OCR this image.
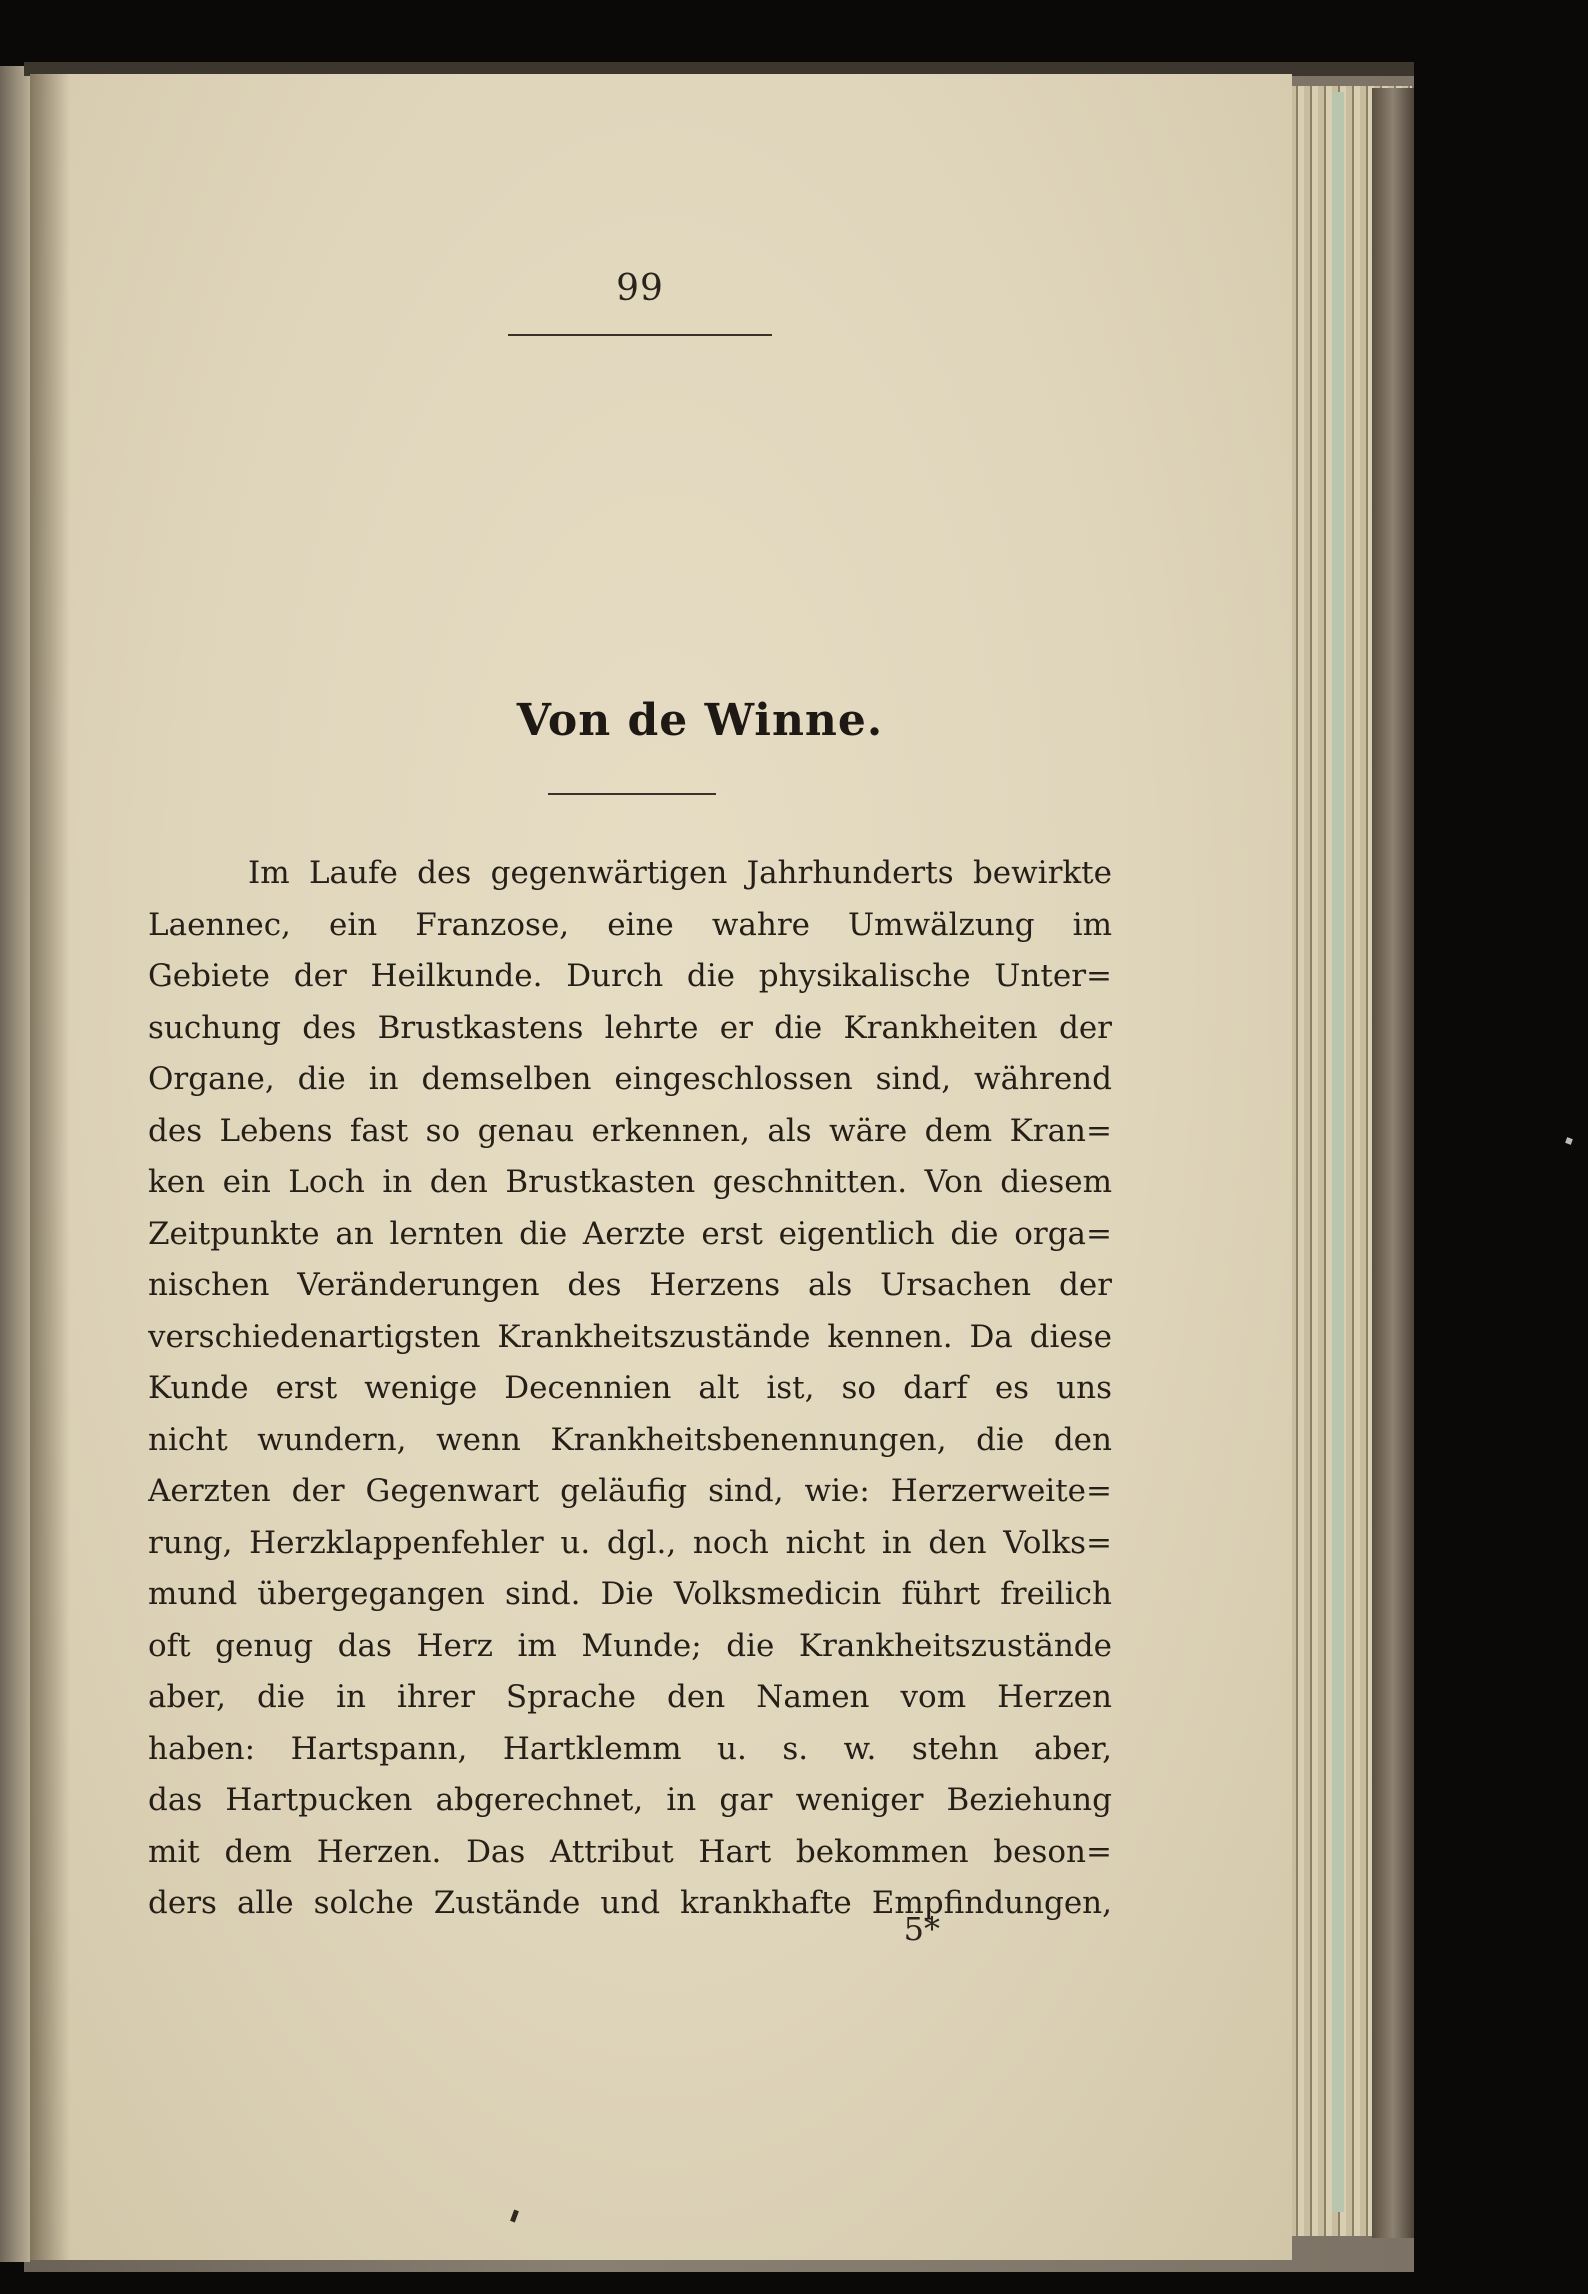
99
Von de Winne.
Im Laufe des gegenwärtigen Jahrhunderts bewirkte
Laennec, ein Franzose, eine wahre Umwälzung im
Gebiete der Heilkunde. Durch die physikalische Unter=
suchung des Brustkastens lehrte er die Krankheiten der
Organe, die in demselben eingeschlossen sind, während
des Lebens fast so genau erkennen, als wäre dem Kran=
ken ein Loch in den Brustkasten geschnitten. Von diesem
Zeitpunkte an lernten die Aerzte erst eigentlich die orga=
nischen Veränderungen des Herzens als Ursachen der
verschiedenartigsten Krankheitszustände kennen. Da diese
Kunde erst wenige Decennien alt ist, so darf es uns
nicht wundern, wenn Krankheitsbenennungen, die den
Aerzten der Gegenwart geläufig sind, wie: Herzerweite=
rung, Herzklappenfehler u. dgl., noch nicht in den Volks=
mund übergegangen sind. Die Volksmedicin führt freilich
oft genug das Herz im Munde; die Krankheitszustände
aber, die in ihrer Sprache den Namen vom Herzen
haben: Hartspann, Hartklemm u. s. w. stehn aber,
das Hartpucken abgerechnet, in gar weniger Beziehung
mit dem Herzen. Das Attribut Hart bekommen beson=
ders alle solche Zustände und krankhafte Empfindungen,
5*
